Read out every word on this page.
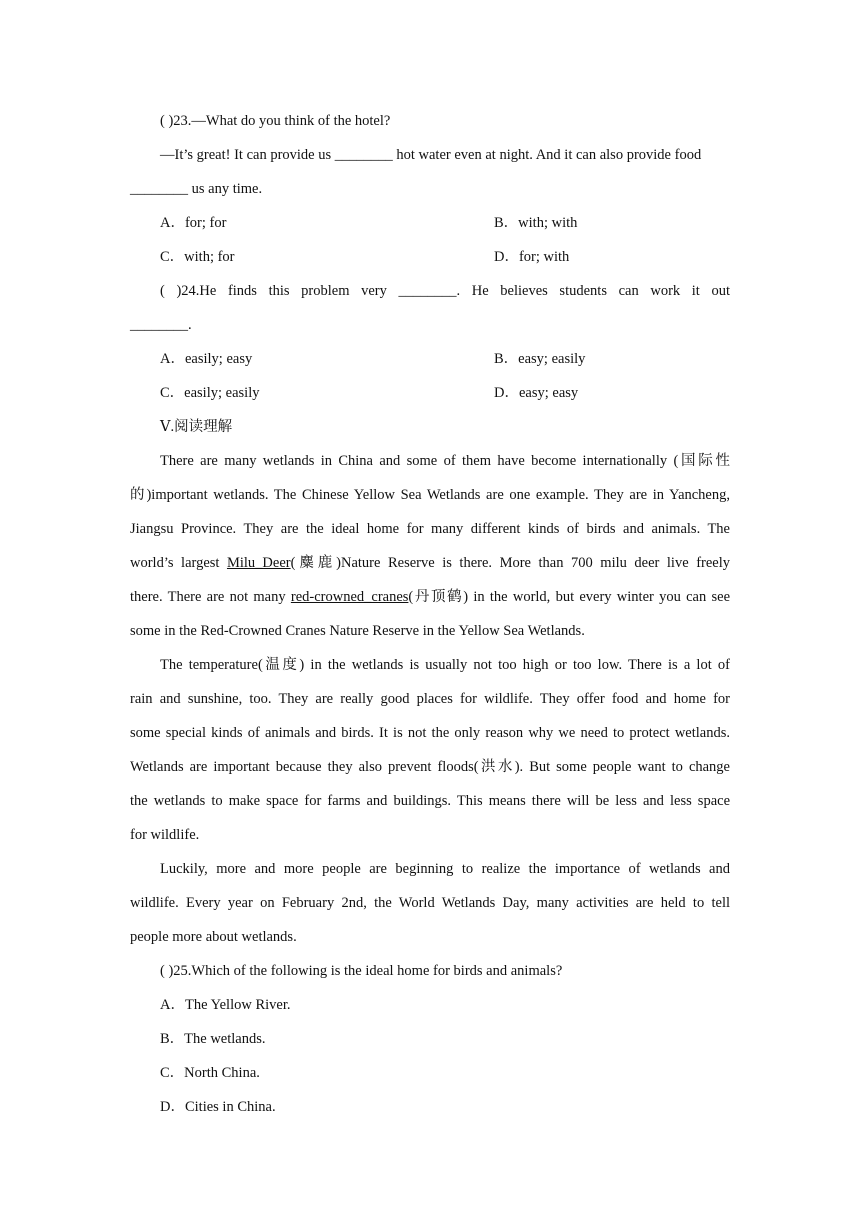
( )23.—What do you think of the hotel?
—It’s great! It can provide us ________ hot water even at night. And it can also provide food
________ us any time.
A．for; for	B．with; with
C．with; for	D．for; with
( )24.He finds this problem very ________. He believes students can work it out
________.
A．easily; easy	B．easy; easily
C．easily; easily	D．easy; easy
Ⅴ.阅读理解
There are many wetlands in China and some of them have become internationally (国际性
的)important wetlands. The Chinese Yellow Sea Wetlands are one example. They are in Yancheng,
Jiangsu Province. They are the ideal home for many different kinds of birds and animals. The
world’s largest Milu_Deer(麋鹿)Nature Reserve is there. More than 700 milu deer live freely
there. There are not many red-crowned_cranes(丹顶鹤) in the world, but every winter you can see
some in the Red-Crowned Cranes Nature Reserve in the Yellow Sea Wetlands.
The temperature(温度) in the wetlands is usually not too high or too low. There is a lot of
rain and sunshine, too. They are really good places for wildlife. They offer food and home for
some special kinds of animals and birds. It is not the only reason why we need to protect wetlands.
Wetlands are important because they also prevent floods(洪水). But some people want to change
the wetlands to make space for farms and buildings. This means there will be less and less space
for wildlife.
Luckily, more and more people are beginning to realize the importance of wetlands and
wildlife. Every year on February 2nd, the World Wetlands Day, many activities are held to tell
people more about wetlands.
( )25.Which of the following is the ideal home for birds and animals?
A．The Yellow River.
B．The wetlands.
C．North China.
D．Cities in China.
